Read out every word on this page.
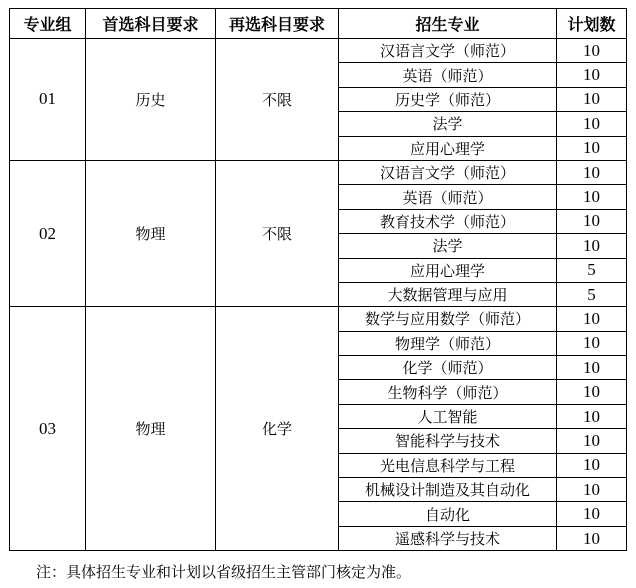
专业组	首选科目要求	再选科目要求	招生专业	计划数
01	历史	不限	汉语言文学（师范）	10
			英语（师范）	10
			历史学（师范）	10
			法学	10
			应用心理学	10
02	物理	不限	汉语言文学（师范）	10
			英语（师范）	10
			教育技术学（师范）	10
			法学	10
			应用心理学	5
			大数据管理与应用	5
03	物理	化学	数学与应用数学（师范）	10
			物理学（师范）	10
			化学（师范）	10
			生物科学（师范）	10
			人工智能	10
			智能科学与技术	10
			光电信息科学与工程	10
			机械设计制造及其自动化	10
			自动化	10
			遥感科学与技术	10
注：具体招生专业和计划以省级招生主管部门核定为准。
